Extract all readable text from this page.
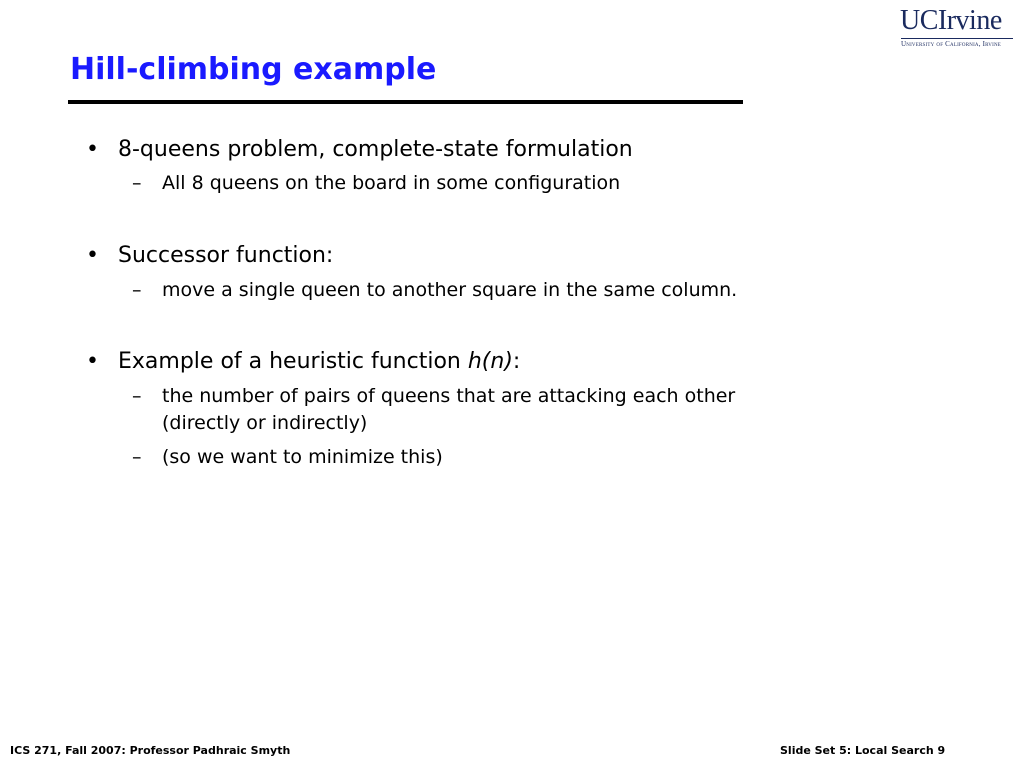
UCIrvine
University of California, Irvine
Hill-climbing example
• 8-queens problem, complete-state formulation
– All 8 queens on the board in some configuration
• Successor function:
– move a single queen to another square in the same column.
• Example of a heuristic function h(n):
– the number of pairs of queens that are attacking each other
(directly or indirectly)
– (so we want to minimize this)
ICS 271, Fall 2007: Professor Padhraic Smyth	Slide Set 5: Local Search 9
